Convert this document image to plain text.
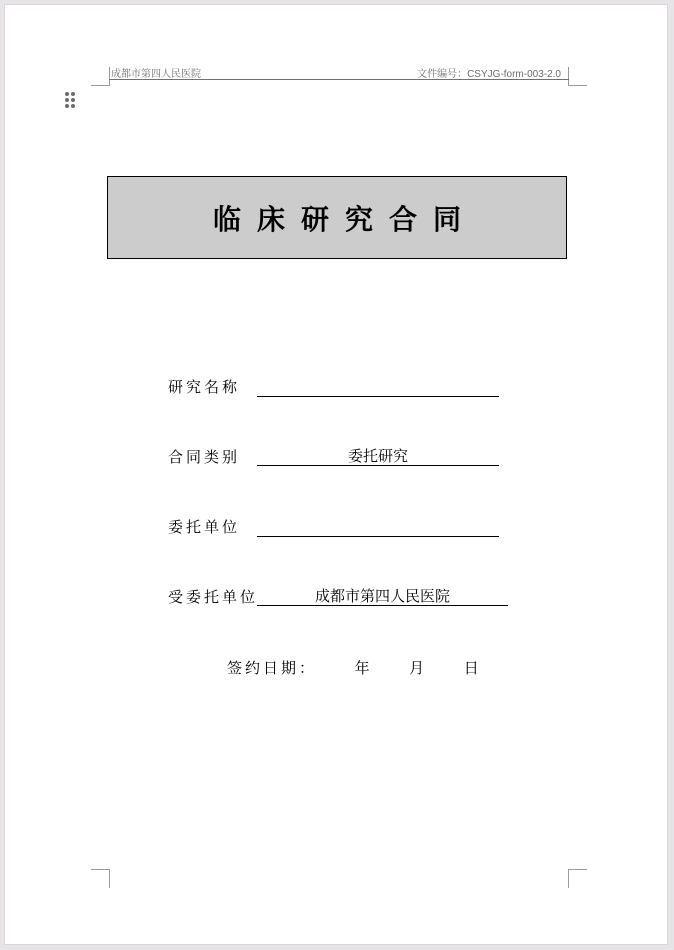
成都市第四人民医院	文件编号：CSYJG-form-003-2.0
临床研究合同
研究名称
合同类别	委托研究
委托单位
受委托单位	成都市第四人民医院
签约日期：	年	月	日
